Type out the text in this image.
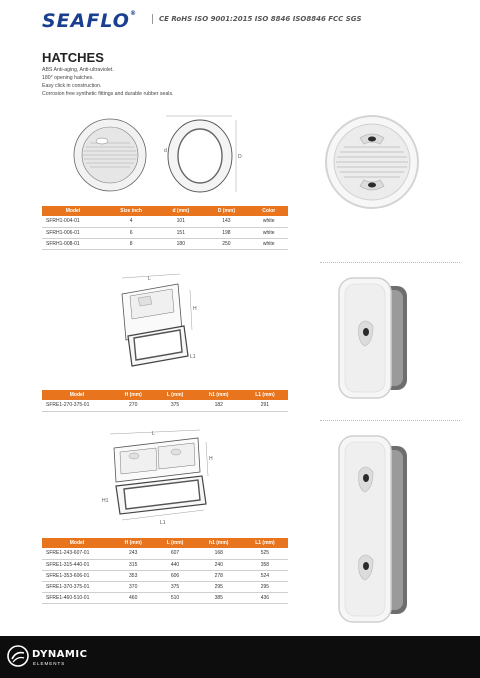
SEAFLO®
CE RoHS ISO 9001:2015 ISO 8846 ISO8846 FCC SGS
HATCHES
ABS Anti-aging, Anti-ultraviolet.
180° opening hatches.
Easy click in construction.
Corrosion free synthetic fittings and durable rubber seals.
D
d
Model	Size inch	d (mm)	D (mm)	Color
SFRH1-004-01	4	101	143	white
SFRH1-006-01	6	151	198	white
SFRH1-008-01	8	180	250	white
L
H
L1
Model	H (mm)	L (mm)	h1 (mm)	L1 (mm)
SFRE1-270-375-01	270	375	182	291
L
H
H1
L1
Model	H (mm)	L (mm)	h1 (mm)	L1 (mm)
SFRE1-243-607-01	243	607	168	525
SFRE1-315-440-01	315	440	240	358
SFRE1-353-606-01	353	606	278	524
SFRE1-370-375-01	370	375	295	295
SFRE1-460-510-01	460	510	385	436
DYNAMIC
ELEMENTS
